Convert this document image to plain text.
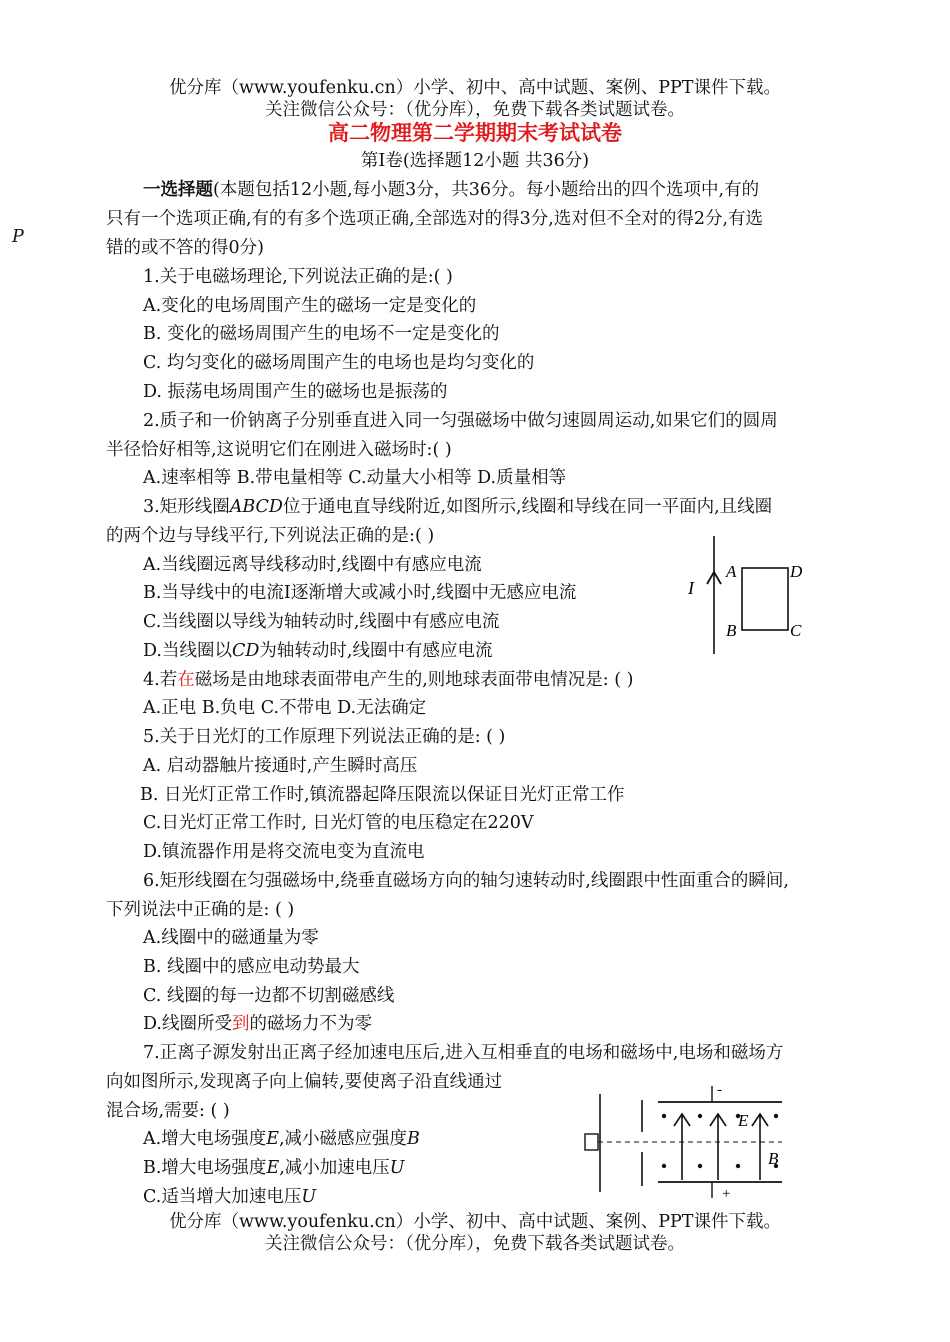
优分库（www.youfenku.cn）小学、初中、高中试题、案例、PPT课件下载。
关注微信公众号：（优分库），免费下载各类试题试卷。
高二物理第二学期期末考试试卷
第I卷(选择题12小题 共36分)
P
一选择题(本题包括12小题,每小题3分，共36分。每小题给出的四个选项中,有的
只有一个选项正确,有的有多个选项正确,全部选对的得3分,选对但不全对的得2分,有选
错的或不答的得0分)
1.关于电磁场理论,下列说法正确的是:( )
A.变化的电场周围产生的磁场一定是变化的
B. 变化的磁场周围产生的电场不一定是变化的
C. 均匀变化的磁场周围产生的电场也是均匀变化的
D. 振荡电场周围产生的磁场也是振荡的
2.质子和一价钠离子分别垂直进入同一匀强磁场中做匀速圆周运动,如果它们的圆周
半径恰好相等,这说明它们在刚进入磁场时:( )
A.速率相等 B.带电量相等 C.动量大小相等 D.质量相等
3.矩形线圈ABCD位于通电直导线附近,如图所示,线圈和导线在同一平面内,且线圈
的两个边与导线平行,下列说法正确的是:( )
A.当线圈远离导线移动时,线圈中有感应电流
B.当导线中的电流I逐渐增大或减小时,线圈中无感应电流
C.当线圈以导线为轴转动时,线圈中有感应电流
D.当线圈以CD为轴转动时,线圈中有感应电流
I
A	D
B	C
4.若在磁场是由地球表面带电产生的,则地球表面带电情况是: ( )
A.正电 B.负电 C.不带电 D.无法确定
5.关于日光灯的工作原理下列说法正确的是: ( )
A. 启动器触片接通时,产生瞬时高压
B. 日光灯正常工作时,镇流器起降压限流以保证日光灯正常工作
C.日光灯正常工作时, 日光灯管的电压稳定在220V
D.镇流器作用是将交流电变为直流电
6.矩形线圈在匀强磁场中,绕垂直磁场方向的轴匀速转动时,线圈跟中性面重合的瞬间,
下列说法中正确的是: ( )
A.线圈中的磁通量为零
B. 线圈中的感应电动势最大
C. 线圈的每一边都不切割磁感线
D.线圈所受到的磁场力不为零
7.正离子源发射出正离子经加速电压后,进入互相垂直的电场和磁场中,电场和磁场方
向如图所示,发现离子向上偏转,要使离子沿直线通过
混合场,需要: ( )
A.增大电场强度E,减小磁感应强度B
B.增大电场强度E,减小加速电压U
C.适当增大加速电压U
-
+
E
B
优分库（www.youfenku.cn）小学、初中、高中试题、案例、PPT课件下载。
关注微信公众号：（优分库），免费下载各类试题试卷。
